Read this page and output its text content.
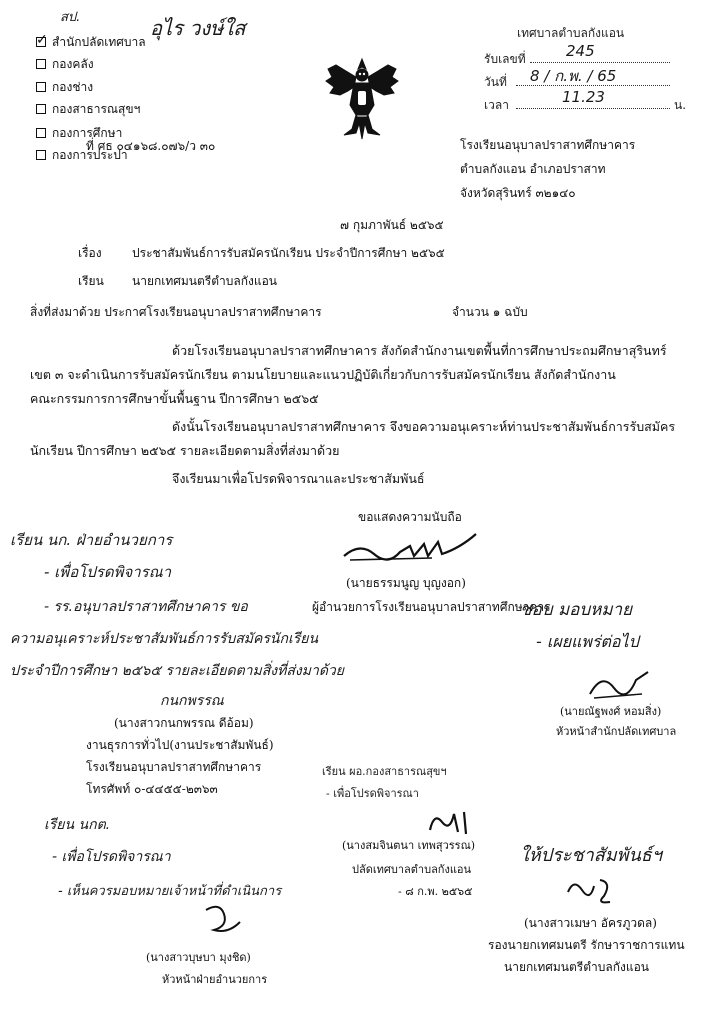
สป.	อุไร วงษ์ใส
✓ สำนักปลัดเทศบาล
กองคลัง
กองช่าง
กองสาธารณสุขฯ
กองการศึกษา
กองการประปา
ที่ ศธ ๐๔๑๖๘.๐๗๖/ว ๓๐
เทศบาลตำบลกังแอน
รับเลขที่	245
วันที่ 8 / ก.พ. / 65
เวลา	11.23	น.
โรงเรียนอนุบาลปราสาทศึกษาคาร
ตำบลกังแอน อำเภอปราสาท
จังหวัดสุรินทร์ ๓๒๑๔๐
๗ กุมภาพันธ์ ๒๕๖๕
เรื่อง	ประชาสัมพันธ์การรับสมัครนักเรียน ประจำปีการศึกษา ๒๕๖๕
เรียน นายกเทศมนตรีตำบลกังแอน
สิ่งที่ส่งมาด้วย ประกาศโรงเรียนอนุบาลปราสาทศึกษาคาร	จำนวน ๑ ฉบับ
ด้วยโรงเรียนอนุบาลปราสาทศึกษาคาร สังกัดสำนักงานเขตพื้นที่การศึกษาประถมศึกษาสุรินทร์
เขต ๓ จะดำเนินการรับสมัครนักเรียน ตามนโยบายและแนวปฏิบัติเกี่ยวกับการรับสมัครนักเรียน สังกัดสำนักงาน
คณะกรรมการการศึกษาขั้นพื้นฐาน ปีการศึกษา ๒๕๖๕
ดังนั้นโรงเรียนอนุบาลปราสาทศึกษาคาร จึงขอความอนุเคราะห์ท่านประชาสัมพันธ์การรับสมัคร
นักเรียน ปีการศึกษา ๒๕๖๕ รายละเอียดตามสิ่งที่ส่งมาด้วย
จึงเรียนมาเพื่อโปรดพิจารณาและประชาสัมพันธ์
ขอแสดงความนับถือ
(นายธรรมนูญ บุญงอก)
ผู้อำนวยการโรงเรียนอนุบาลปราสาทศึกษาคาร
เรียน นก. ฝ่ายอำนวยการ
- เพื่อโปรดพิจารณา
- รร.อนุบาลปราสาทศึกษาคาร ขอ
ความอนุเคราะห์ประชาสัมพันธ์การรับสมัครนักเรียน
ประจำปีการศึกษา ๒๕๖๕ รายละเอียดตามสิ่งที่ส่งมาด้วย
กนกพรรณ
(นางสาวกนกพรรณ ดีอ้อม)
งานธุรการทั่วไป(งานประชาสัมพันธ์)
โรงเรียนอนุบาลปราสาทศึกษาคาร
โทรศัพท์ ๐-๔๔๕๕-๒๓๖๓
ชอบ มอบหมาย
- เผยแพร่ต่อไป
(นายณัฐพงศ์ หอมสิ่ง)
หัวหน้าสำนักปลัดเทศบาล
เรียน ผอ.กองสาธารณสุขฯ
- เพื่อโปรดพิจารณา
(นางสมจินตนา เทพสุวรรณ)
ปลัดเทศบาลตำบลกังแอน
- ๘ ก.พ. ๒๕๖๕
เรียน นกต.
- เพื่อโปรดพิจารณา
- เห็นควรมอบหมายเจ้าหน้าที่ดำเนินการ
(นางสาวบุษบา มุงชิด)
หัวหน้าฝ่ายอำนวยการ
ให้ประชาสัมพันธ์ฯ
(นางสาวเมษา อัครภูวดล)
รองนายกเทศมนตรี รักษาราชการแทน
นายกเทศมนตรีตำบลกังแอน
